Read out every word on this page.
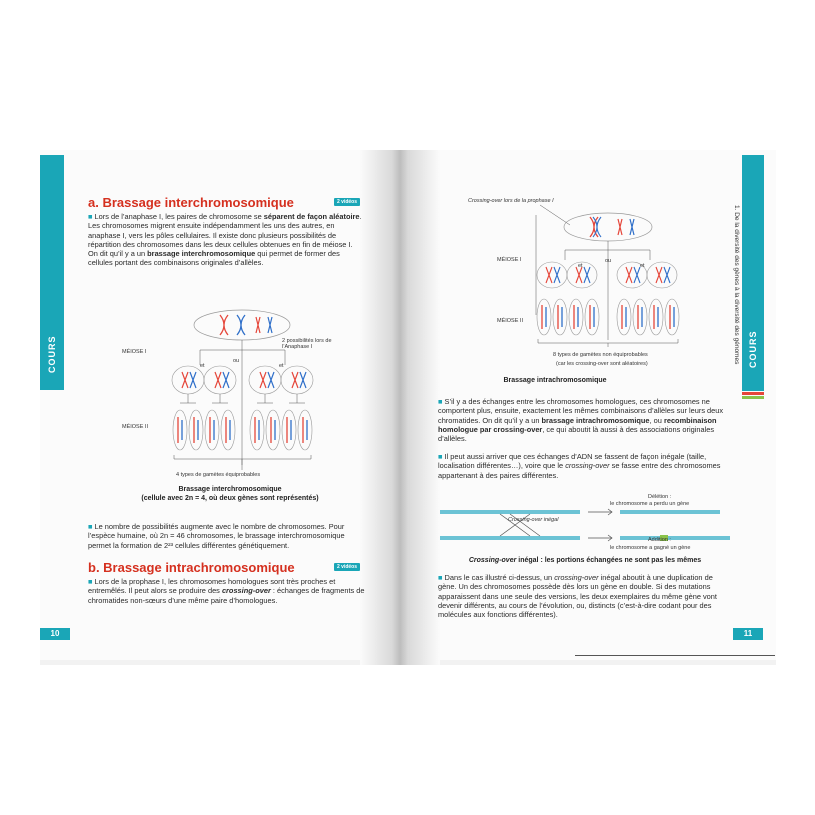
COURS
10
a. Brassage interchromosomique	2 vidéos

■ Lors de l’anaphase I, les paires de chromosome se séparent de façon aléatoire.

Les chromosomes migrent ensuite indépendamment les uns des autres, en anaphase I, vers les pôles cellulaires. Il existe donc plusieurs possibilités de répartition des chromosomes dans les deux cellules obtenues en fin de méiose I.

On dit qu’il y a un brassage interchromosomique qui permet de former des cellules portant des combinaisons originales d’allèles.

2 possibilités lors de l’Anaphase I
MÉIOSE I
MÉIOSE II
et
ou
et
4 types de gamètes équiprobables
Brassage interchromosomique
(cellule avec 2n = 4, où deux gènes sont représentés)

■ Le nombre de possibilités augmente avec le nombre de chromosomes. Pour l’espèce humaine, où 2n = 46 chromosomes, le brassage interchromosomique permet la formation de 2²³ cellules différentes génétiquement.

b. Brassage intrachromosomique	2 vidéos

■ Lors de la prophase I, les chromosomes homologues sont très proches et entremêlés. Il peut alors se produire des crossing-over : échanges de fragments de chromatides non-sœurs d’une même paire d’homologues.

COURS
1. De la diversité des gènes à la diversité des génomes
11
Crossing-over lors de la prophase I
MÉIOSE I
MÉIOSE II
et
ou
et
8 types de gamètes non équiprobables
(car les crossing-over sont aléatoires)
Brassage intrachromosomique

■ S’il y a des échanges entre les chromosomes homologues, ces chromosomes ne comportent plus, ensuite, exactement les mêmes combinaisons d’allèles sur leurs deux chromatides. On dit qu’il y a un brassage intrachromosomique, ou recombinaison homologue par crossing-over, ce qui aboutit là aussi à des associations originales d’allèles.

■ Il peut aussi arriver que ces échanges d’ADN se fassent de façon inégale (taille, localisation différentes…), voire que le crossing-over se fasse entre des chromosomes appartenant à des paires différentes.

Délétion :
le chromosome a perdu un gène
Crossing-over inégal
Addition :
le chromosome a gagné un gène
Crossing-over inégal : les portions échangées ne sont pas les mêmes

■ Dans le cas illustré ci-dessus, un crossing-over inégal aboutit à une duplication de gène. Un des chromosomes possède dès lors un gène en double. Si des mutations apparaissent dans une seule des versions, les deux exemplaires du même gène vont devenir différents, au cours de l’évolution, ou, distincts (c’est-à-dire codant pour des molécules aux fonctions différentes).
